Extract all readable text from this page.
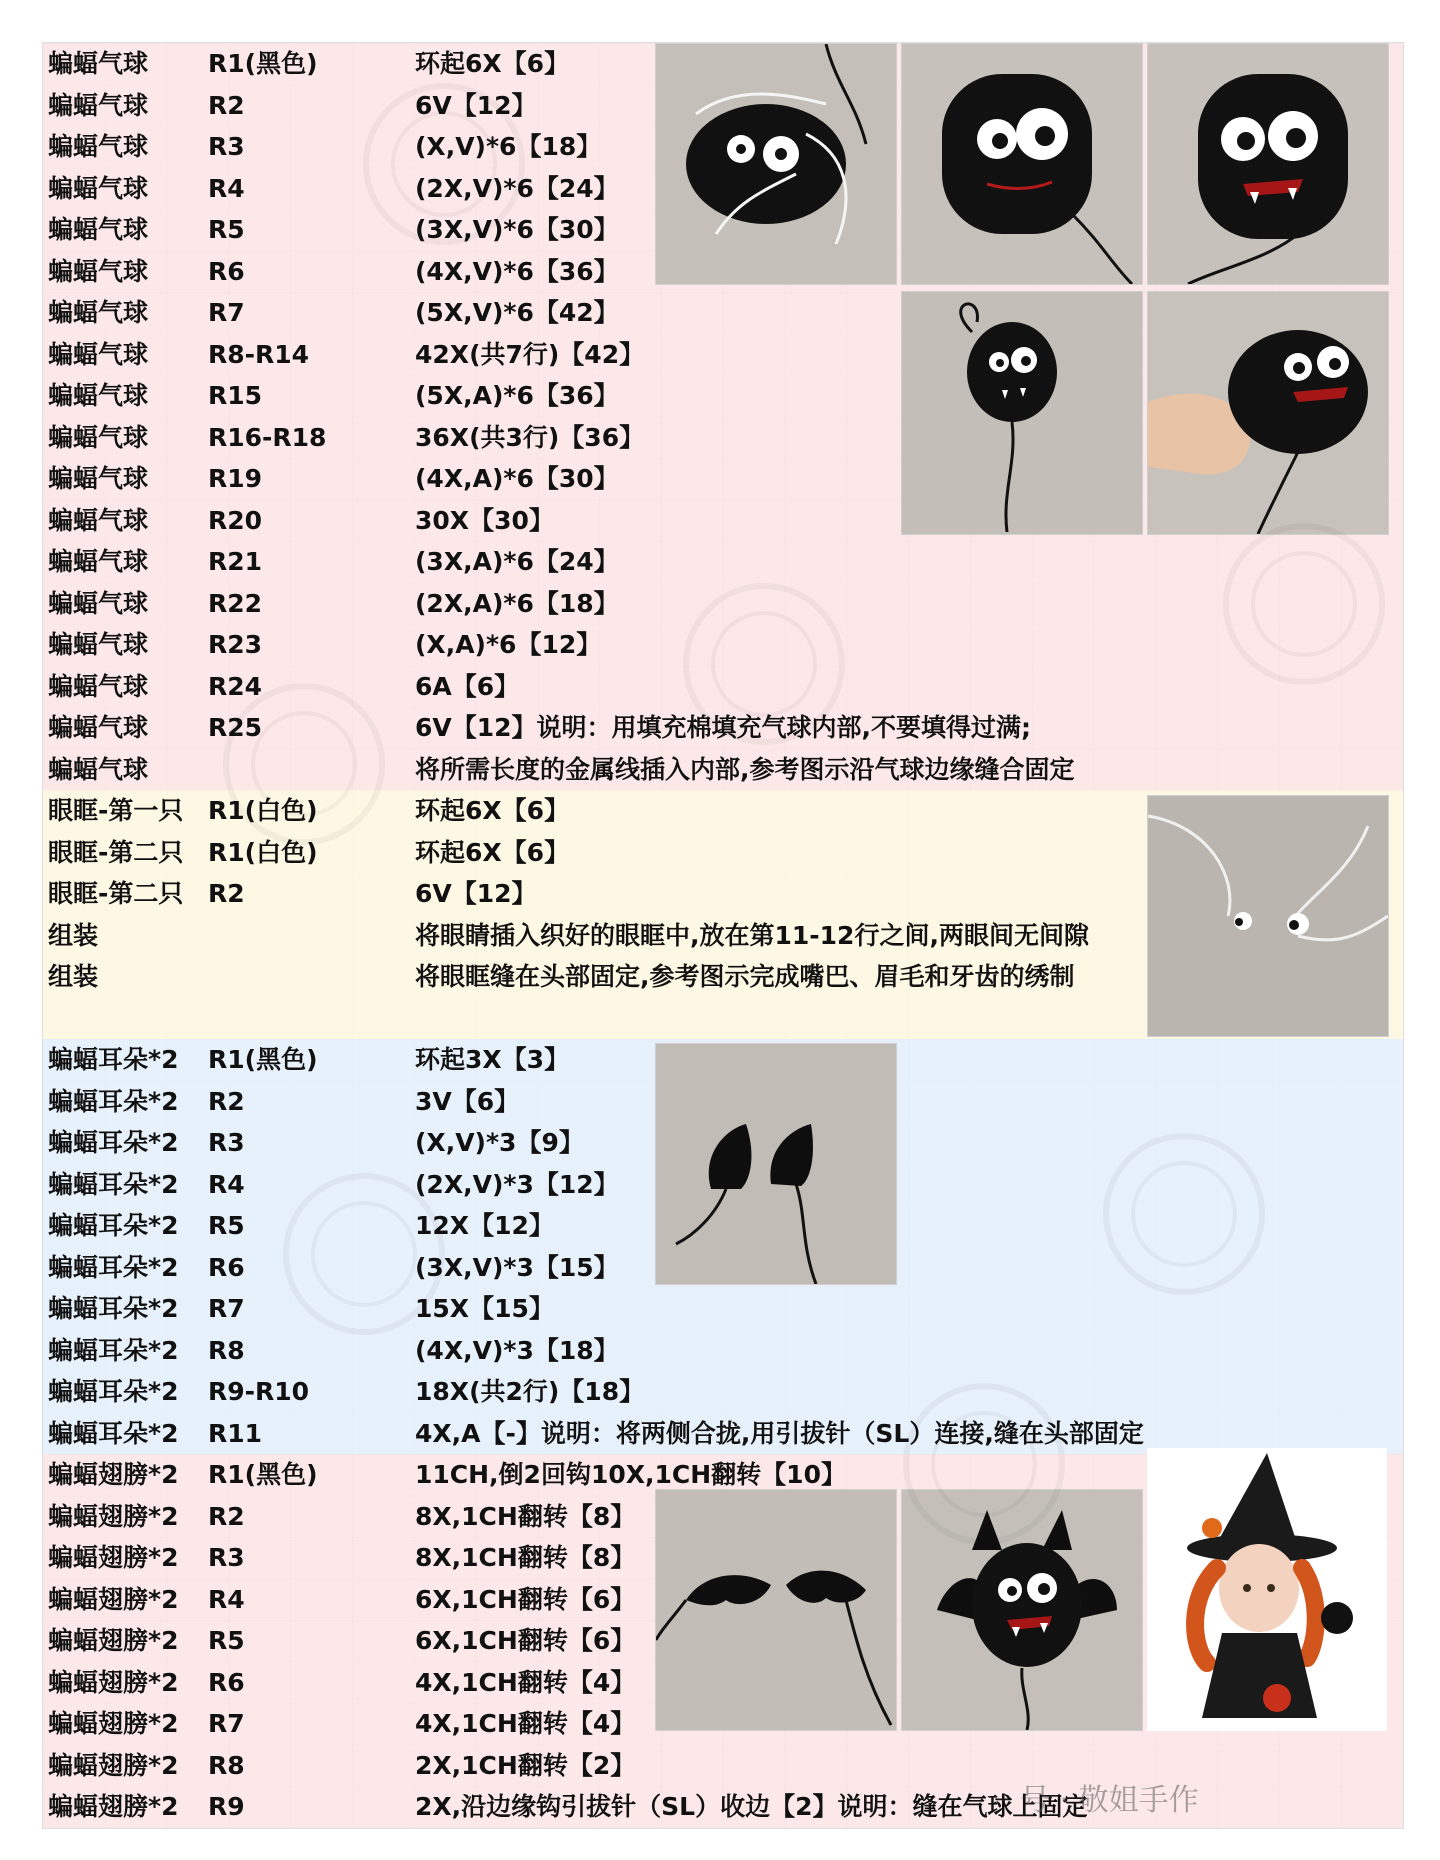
蝙蝠气球 R1(黑色)	环起6X【6】
蝙蝠气球 R2	6V【12】
蝙蝠气球 R3	(X,V)*6【18】
蝙蝠气球 R4	(2X,V)*6【24】
蝙蝠气球 R5	(3X,V)*6【30】
蝙蝠气球 R6	(4X,V)*6【36】
蝙蝠气球 R7	(5X,V)*6【42】
蝙蝠气球 R8-R14	42X(共7行)【42】
蝙蝠气球 R15	(5X,A)*6【36】
蝙蝠气球 R16-R18	36X(共3行)【36】
蝙蝠气球 R19	(4X,A)*6【30】
蝙蝠气球 R20	30X【30】
蝙蝠气球 R21	(3X,A)*6【24】
蝙蝠气球 R22	(2X,A)*6【18】
蝙蝠气球 R23	(X,A)*6【12】
蝙蝠气球 R24	6A【6】
蝙蝠气球 R25	6V【12】说明：用填充棉填充气球内部,不要填得过满;
蝙蝠气球	将所需长度的金属线插入内部,参考图示沿气球边缘缝合固定
眼眶-第一只 R1(白色)	环起6X【6】
眼眶-第二只 R1(白色)	环起6X【6】
眼眶-第二只 R2	6V【12】
组装	将眼睛插入织好的眼眶中,放在第11-12行之间,两眼间无间隙
组装	将眼眶缝在头部固定,参考图示完成嘴巴、眉毛和牙齿的绣制
蝙蝠耳朵*2 R1(黑色)	环起3X【3】
蝙蝠耳朵*2 R2	3V【6】
蝙蝠耳朵*2 R3	(X,V)*3【9】
蝙蝠耳朵*2 R4	(2X,V)*3【12】
蝙蝠耳朵*2 R5	12X【12】
蝙蝠耳朵*2 R6	(3X,V)*3【15】
蝙蝠耳朵*2 R7	15X【15】
蝙蝠耳朵*2 R8	(4X,V)*3【18】
蝙蝠耳朵*2 R9-R10	18X(共2行)【18】
蝙蝠耳朵*2 R11	4X,A【-】说明：将两侧合拢,用引拔针（SL）连接,缝在头部固定
蝙蝠翅膀*2 R1(黑色)	11CH,倒2回钩10X,1CH翻转【10】
蝙蝠翅膀*2 R2	8X,1CH翻转【8】
蝙蝠翅膀*2 R3	8X,1CH翻转【8】
蝙蝠翅膀*2 R4	6X,1CH翻转【6】
蝙蝠翅膀*2 R5	6X,1CH翻转【6】
蝙蝠翅膀*2 R6	4X,1CH翻转【4】
蝙蝠翅膀*2 R7	4X,1CH翻转【4】
蝙蝠翅膀*2 R8	2X,1CH翻转【2】
蝙蝠翅膀*2 R9	2X,沿边缘钩引拔针（SL）收边【2】说明：缝在气球上固定
号 · 敬姐手作
